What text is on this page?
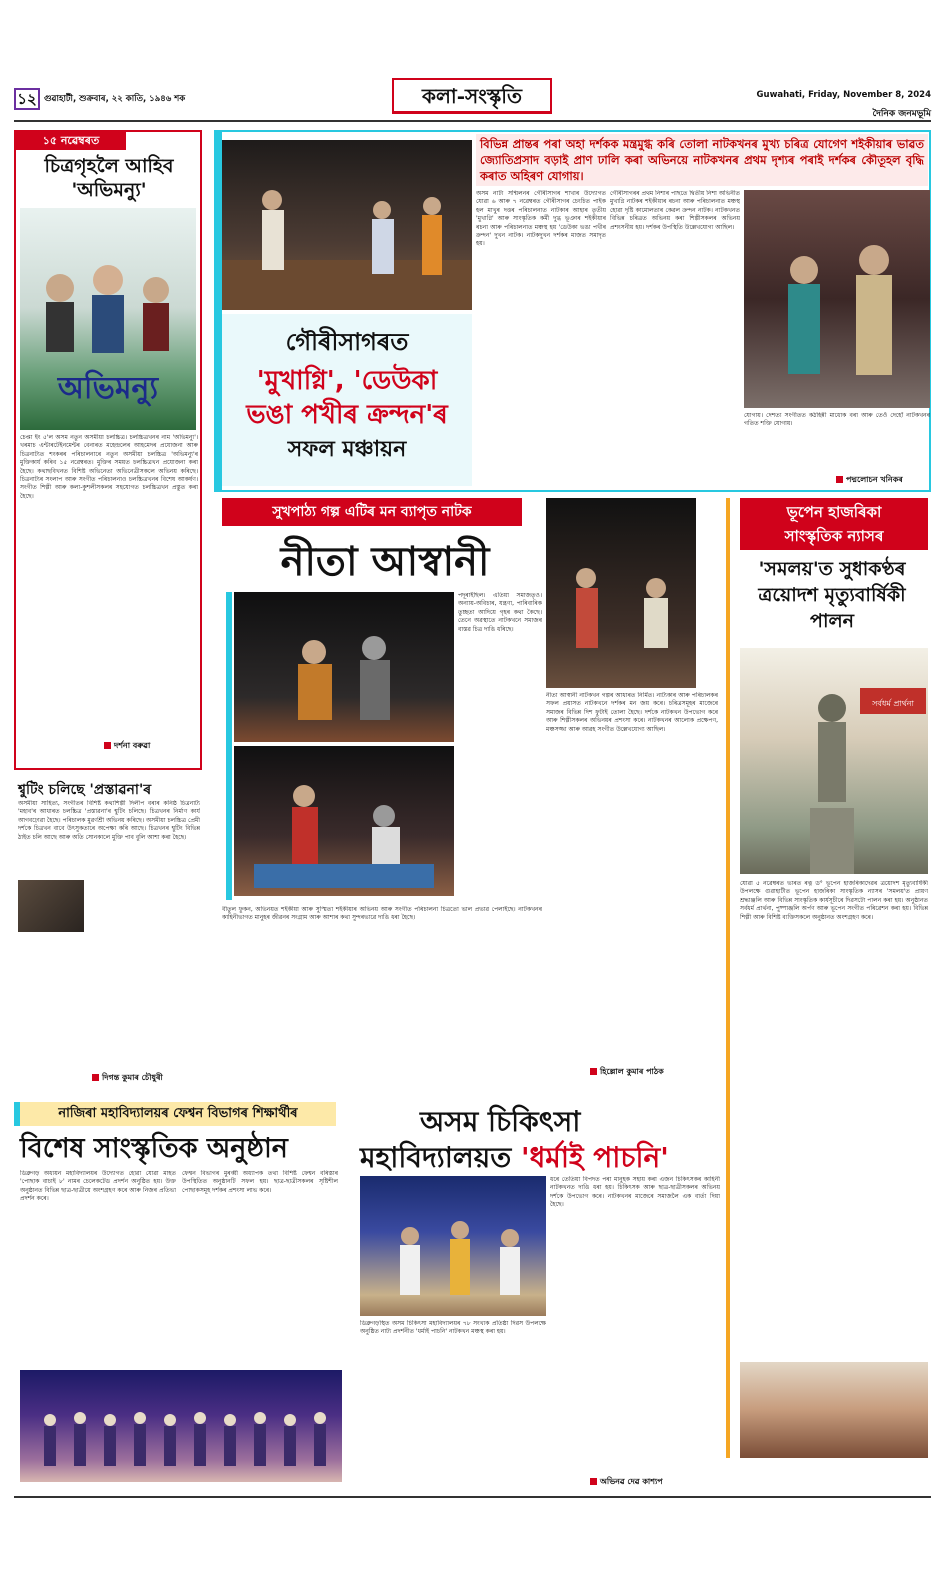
১২ গুৱাহাটী, শুক্ৰবাৰ, ২২ কাতি, ১৯৪৬ শক	কলা-সংস্কৃতি	Guwahati, Friday, November 8, 2024
দৈনিক জনমভূমি
১৫ নৱেম্বৰত
চিত্ৰগৃহলৈ আহিব 'অভিমন্যু'
অভিমন্যু
চেপ্তা ইং ৫'ল অসম নতুন অসমীয়া চলচ্চিত্ৰ। চলচ্চিত্ৰখনৰ নাম 'অভিমন্যু'। খৰমাচ এন্টাৰটেইনমেন্টৰ বেনাৰত মহেন্দ্ৰলেৰ আহমেদৰ প্ৰযোজনা আৰু চিত্ৰনাট্যত শংকৰৰ পৰিচালনাৰে নতুন অসমীয়া চলচ্চিত্ৰ 'অভিমন্যু'ৰ মুক্তিকাৰ্য কৰিব ১৫ নৱেম্বৰত। মুক্তিৰ সময়ত চলচ্চিত্ৰখন প্ৰযোজনা কৰা হৈছে। কথাছবিখনত বিশিষ্ট অভিনেতা অভিনেত্ৰীসকলে অভিনয় কৰিছে। চিত্ৰনাট্যৰ সংলাপ আৰু সংগীত পৰিচালনাও চলচ্চিত্ৰখনৰ বিশেষ আকৰ্ষণ। সংগীত শিল্পী আৰু কলা-কুশলীসকলৰ সহযোগত চলচ্চিত্ৰখন প্ৰস্তুত কৰা হৈছে।
দৰ্শনা বৰুৱা
শ্বুটিং চলিছে 'প্ৰস্তাৱনা'ৰ
অসমীয়া সাহিত্য, সংগীতৰ বিশিষ্ট কথাশিল্পী দিলীপ বৰাৰ কনিষ্ঠ চিত্ৰনাট্য 'মহাব'ৰ আধাৰত চলচ্চিত্ৰ 'প্ৰস্তাৱনা'ৰ শ্বুটিং চলিছে। চিত্ৰখনৰ নিৰ্মাণ কাৰ্য আগবঢ়োৱা হৈছে। পৰিচালক মুৱৰ্ণশ্ৰী অভিনয় কৰিছে। অসমীয়া চলচ্চিত্ৰ প্ৰেমী দৰ্শকে চিত্ৰখন বাবে উৎসুকতাৰে অপেক্ষা কৰি আছে। চিত্ৰখনৰ শ্বুটিং বিভিন্ন ঠাইত চলি আছে আৰু অতি সোনকালে মুক্তি পাব বুলি আশা কৰা হৈছে।
দিগন্ত কুমাৰ চৌধুৰী
গৌৰীসাগৰত
'মুখাগ্নি', 'ডেউকা
ভঙা পখীৰ ক্ৰন্দন'ৰ
সফল মঞ্চায়ন
বিভিন্ন প্ৰান্তৰ পৰা অহা দৰ্শকক মন্ত্ৰমুগ্ধ কৰি তোলা নাটকখনৰ মুখ্য চৰিত্ৰ যোগেণ শইকীয়াৰ ভাৱত জ্যোতিপ্ৰসাদ বড়াই প্ৰাণ ঢালি কৰা অভিনয়ে নাটকখনৰ প্ৰথম দৃশ্যৰ পৰাই দৰ্শকৰ কৌতূহল বৃদ্ধি কৰাত অহিৰণ যোগায়।
অসম নাট্য সন্মিলনৰ গৌৰীসাগৰ শাখাৰ উদ্যোগত যোৱা ৬ আৰু ৭ নৱেম্বৰত গৌৰীসাগৰ চেংচিত পাইক হল মাখুৰ দত্তৰ পৰিচালনাত নাটকাৰ আহাৰ তৃতীয় 'মুখাগ্নি' আৰু সাংস্কৃতিক কৰ্মী দুগ্ধ ভূঞাৰ শইকীয়াৰ ৰচনা আৰু পৰিচালনাত মঞ্চস্থ হয় 'ডেউকা ভঙা পখীৰ ক্ৰন্দন' দুখন নাটক। নাটকদুখন দৰ্শকৰ মাজত সমাদৃত হয়।
গৌৰীসাগৰৰ প্ৰথম নিশাৰ পাছতে দ্বিতীয় নিশা অভিনীত মুখাগ্নি নাটকৰ শইকীয়াৰ ৰচনা আৰু পৰিচালনাত মঞ্চস্থ হোৱা দৃষ্টি কামোলতাৰ কেৱল ক্ৰন্দন নাটক। নাটকখনত বিভিন্ন চৰিত্ৰত অভিনয় কৰা শিল্পীসকলৰ অভিনয় প্ৰশংসনীয় হয়। দৰ্শকৰ উপস্থিতি উল্লেখযোগ্য আছিল।
যোগায়। দেশত্য সংগীতত কঠহিন্নী মাধোক বৰা আৰু তেওঁ দেহোঁ নাটকখনৰ গতিত শক্তি যোগায়।
পদ্মলোচন খনিকৰ
সুখপাঠ্য গল্প এটিৰ মন ব্যাপৃত নাটক
নীতা আস্বানী
পদূৰাইছিল। এতিয়া সমাজতৃও। অন্যায়-অবিচাৰ, যন্ত্ৰণা, পাৰিবাৰিক তুচ্ছতা আদিয়ে গৃহৰ কথা কৈছে। তেনে অৱস্থাতে নাটকখনে সমাজৰ বাস্তৱ চিত্ৰ দাঙি ধৰিছে।
নীতা আস্বানী নাটকখন গল্পৰ আধাৰত নিৰ্মিত। নাট্যকাৰ আৰু পৰিচালকৰ সফল প্ৰয়াসত নাটকখনে দৰ্শকৰ মন জয় কৰে। চৰিত্ৰসমূহৰ মাজেৰে সমাজৰ বিভিন্ন দিশ ফুটাই তোলা হৈছে। দৰ্শকে নাটকখন উপভোগ কৰে আৰু শিল্পীসকলৰ অভিনয়ৰ প্ৰশংসা কৰে। নাটকখনৰ আলোক প্ৰক্ষেপণ, মঞ্চসজ্জা আৰু আৱহ সংগীত উল্লেখযোগ্য আছিল।
বীতুল ফুকন, অভিনয়ত শইকীয়া আৰু সুস্মিতা শইকীয়াৰ অভিনয় আৰু সংগীত পৰিচালনা চিত্ৰতো ভাল প্ৰভাৱ পেলাইছে। নাটকখনৰ কাহিনীভাগত মানুহৰ জীৱনৰ সংগ্ৰাম আৰু আশাৰ কথা সুন্দৰভাৱে দাঙি ধৰা হৈছে।
হিল্লোল কুমাৰ পাঠক
ভূপেন হাজৰিকা
সাংস্কৃতিক ন্যাসৰ
'সমলয়'ত সুধাকণ্ঠৰ ত্ৰয়োদশ মৃত্যুবাৰ্ষিকী পালন
সৰ্বধৰ্ম প্ৰাৰ্থনা
যোৱা ৫ নৱেম্বৰত ভাৰত ৰত্ন ড° ভূপেন হাজৰিকাদেৱৰ ত্ৰয়োদশ মৃত্যুবাৰ্ষিকী উপলক্ষে গুৱাহাটীত ভূপেন হাজৰিকা সাংস্কৃতিক ন্যাসৰ 'সমলয়'ত প্ৰায়ণ শ্ৰদ্ধাঞ্জলি আৰু বিভিন্ন সাংস্কৃতিক কাৰ্যসূচীৰে দিৱসটো পালন কৰা হয়। অনুষ্ঠানত সৰ্বধৰ্ম প্ৰাৰ্থনা, পুষ্পাঞ্জলি অৰ্পণ আৰু ভূপেন সংগীত পৰিৱেশন কৰা হয়। বিভিন্ন শিল্পী আৰু বিশিষ্ট ব্যক্তিসকলে অনুষ্ঠানত অংশগ্ৰহণ কৰে।
নাজিৰা মহাবিদ্যালয়ৰ ফেশ্বন বিভাগৰ শিক্ষাৰ্থীৰ
বিশেষ সাংস্কৃতিক অনুষ্ঠান
ডিব্ৰুগড় অধ্যয়ন মহাবিদ্যালয়ৰ উদ্যোগত হোৱা যোৱা মাহত 'পোছাক বাচাই ৮' নামৰ চেলেকটেড প্ৰদৰ্শন অনুষ্ঠিত হয়। উক্ত অনুষ্ঠানত বিভিন্ন ছাত্ৰ-ছাত্ৰীয়ে অংশগ্ৰহণ কৰে আৰু নিজৰ প্ৰতিভা প্ৰদৰ্শন কৰে।
ফেশ্বন বিভাগৰ মুৰব্বী অধ্যাপক তথা বিশিষ্ট ফেশ্বন বৰিস্তাৰ উপস্থিতিত অনুষ্ঠানটি সফল হয়। ছাত্ৰ-ছাত্ৰীসকলৰ সৃষ্টিশীল পোছাকসমূহ দৰ্শকৰ প্ৰশংসা লাভ কৰে।
অসম চিকিৎসা
মহাবিদ্যালয়ত 'ধৰ্মাই পাচনি'
ডিব্ৰুগড়স্থিত অসম চিকিৎসা মহাবিদ্যালয়ৰ ৭৮ সংখ্যক প্ৰতিষ্ঠা দিৱস উপলক্ষে অনুষ্ঠিত নাট্য প্ৰদৰ্শনীত 'ধৰ্মাই পাচনি' নাটকখন মঞ্চস্থ কৰা হয়।
ধৰে তেতিয়া বিপদত পৰা মানুহক সহায় কৰা এজন চিকিৎসকৰ কাহিনী নাটকখনত দাঙি ধৰা হয়। চিকিৎসক আৰু ছাত্ৰ-ছাত্ৰীসকলৰ অভিনয় দৰ্শকে উপভোগ কৰে। নাটকখনৰ মাজেৰে সমাজলৈ এক বাৰ্তা দিয়া হৈছে।
অভিনৱ দেৱ কাশ্যপ
